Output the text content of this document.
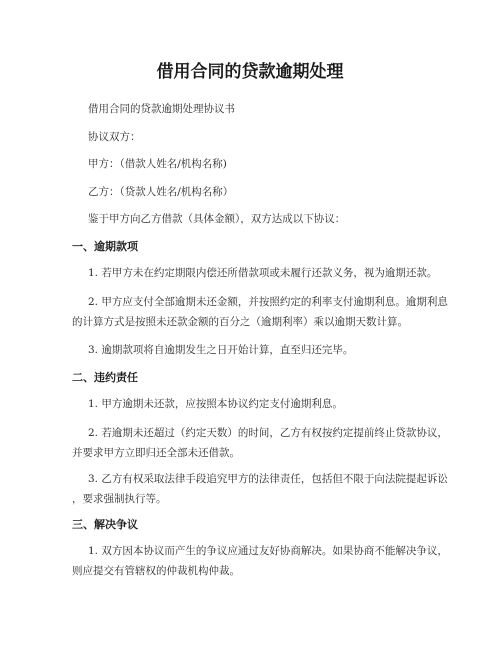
借用合同的贷款逾期处理

借用合同的贷款逾期处理协议书

协议双方：

甲方：（借款人姓名/机构名称)

乙方：（贷款人姓名/机构名称）

鉴于甲方向乙方借款（具体金额），双方达成以下协议：

一、逾期款项
1. 若甲方未在约定期限内偿还所借款项或未履行还款义务，视为逾期还款。
2. 甲方应支付全部逾期未还金额，并按照约定的利率支付逾期利息。逾期利息
的计算方式是按照未还款金额的百分之（逾期利率）乘以逾期天数计算。
3. 逾期款项将自逾期发生之日开始计算，直至归还完毕。
二、违约责任
1. 甲方逾期未还款，应按照本协议约定支付逾期利息。
2. 若逾期未还超过（约定天数）的时间，乙方有权按约定提前终止贷款协议，
并要求甲方立即归还全部未还借款。
3. 乙方有权采取法律手段追究甲方的法律责任，包括但不限于向法院提起诉讼
，要求强制执行等。
三、解决争议
1. 双方因本协议而产生的争议应通过友好协商解决。如果协商不能解决争议，
则应提交有管辖权的仲裁机构仲裁。
